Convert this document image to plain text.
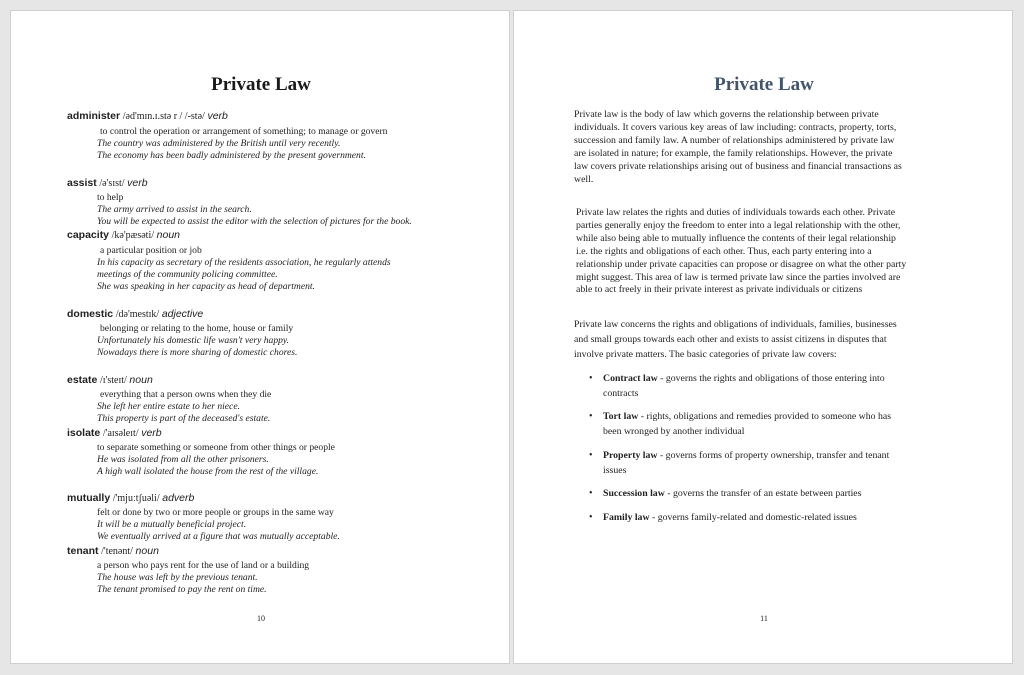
Private Law
administer /əd'mɪn.ɪ.stə r / /-stə/ verb
to control the operation or arrangement of something; to manage or govern
The country was administered by the British until very recently.
The economy has been badly administered by the present government.
assist /ə'sɪst/ verb
to help
The army arrived to assist in the search.
You will be expected to assist the editor with the selection of pictures for the book.
capacity /kə'pæsəti/ noun
a particular position or job
In his capacity as secretary of the residents association, he regularly attends
meetings of the community policing committee.
She was speaking in her capacity as head of department.
domestic /də'mestɪk/ adjective
belonging or relating to the home, house or family
Unfortunately his domestic life wasn't very happy.
Nowadays there is more sharing of domestic chores.
estate /ɪ'steɪt/ noun
everything that a person owns when they die
She left her entire estate to her niece.
This property is part of the deceased's estate.
isolate /'aɪsəleɪt/ verb
to separate something or someone from other things or people
He was isolated from all the other prisoners.
A high wall isolated the house from the rest of the village.
mutually /'mjuːtʃuəli/ adverb
felt or done by two or more people or groups in the same way
It will be a mutually beneficial project.
We eventually arrived at a figure that was mutually acceptable.
tenant /'tenənt/ noun
a person who pays rent for the use of land or a building
The house was left by the previous tenant.
The tenant promised to pay the rent on time.
10
Private Law
Private law is the body of law which governs the relationship between private
individuals. It covers various key areas of law including: contracts, property, torts,
succession and family law. A number of relationships administered by private law
are isolated in nature; for example, the family relationships. However, the private
law covers private relationships arising out of business and financial transactions as
well.
Private law relates the rights and duties of individuals towards each other. Private
parties generally enjoy the freedom to enter into a legal relationship with the other,
while also being able to mutually influence the contents of their legal relationship
i.e. the rights and obligations of each other. Thus, each party entering into a
relationship under private capacities can propose or disagree on what the other party
might suggest. This area of law is termed private law since the parties involved are
able to act freely in their private interest as private individuals or citizens
Private law concerns the rights and obligations of individuals, families, businesses
and small groups towards each other and exists to assist citizens in disputes that
involve private matters. The basic categories of private law covers:
• Contract law - governs the rights and obligations of those entering into
contracts
• Tort law - rights, obligations and remedies provided to someone who has
been wronged by another individual
• Property law - governs forms of property ownership, transfer and tenant
issues
• Succession law - governs the transfer of an estate between parties
• Family law - governs family-related and domestic-related issues
11
